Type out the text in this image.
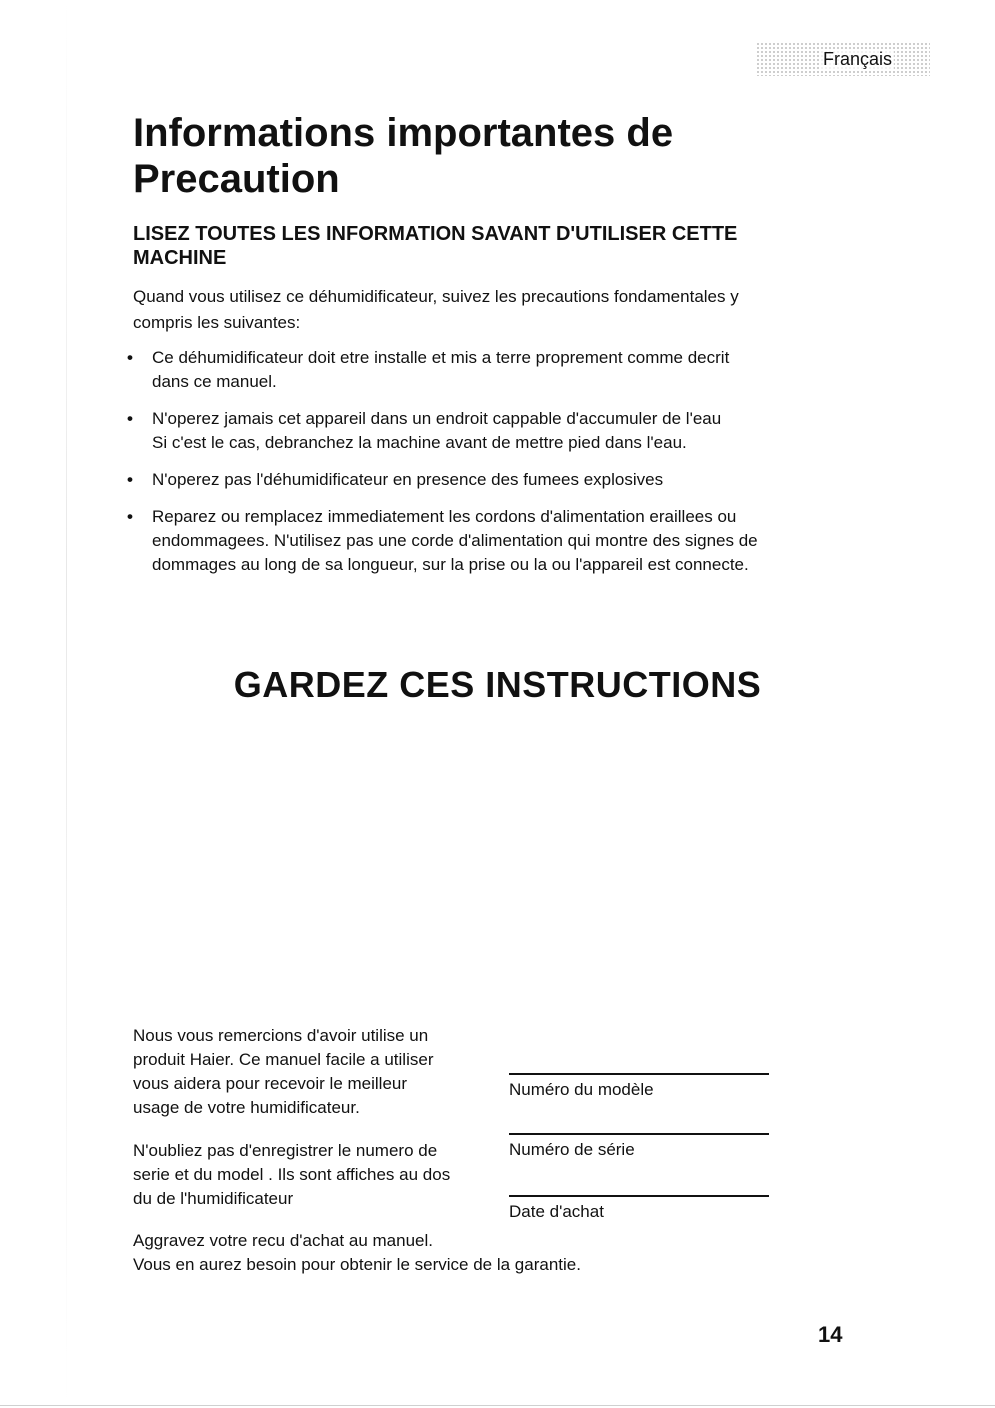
Français
Informations importantes de
Precaution
LISEZ TOUTES LES INFORMATION SAVANT D'UTILISER CETTE
MACHINE

Quand vous utilisez ce déhumidificateur, suivez les precautions fondamentales y
compris les suivantes:

• Ce déhumidificateur doit etre installe et mis a terre proprement comme decrit
dans ce manuel.
• N'operez jamais cet appareil dans un endroit cappable d'accumuler de l'eau
Si c'est le cas, debranchez la machine avant de mettre pied dans l'eau.
• N'operez pas l'déhumidificateur en presence des fumees explosives
• Reparez ou remplacez immediatement les cordons d'alimentation eraillees ou
endommagees. N'utilisez pas une corde d'alimentation qui montre des signes de
dommages au long de sa longueur, sur la prise ou la ou l'appareil est connecte.
GARDEZ CES INSTRUCTIONS

Nous vous remercions d'avoir utilise un
produit Haier. Ce manuel facile a utiliser
vous aidera pour recevoir le meilleur
usage de votre humidificateur.

N'oubliez pas d'enregistrer le numero de
serie et du model . Ils sont affiches au dos
du de l'humidificateur

Aggravez votre recu d'achat au manuel.
Vous en aurez besoin pour obtenir le service de la garantie.

Numéro du modèle
Numéro de série
Date d'achat
14
